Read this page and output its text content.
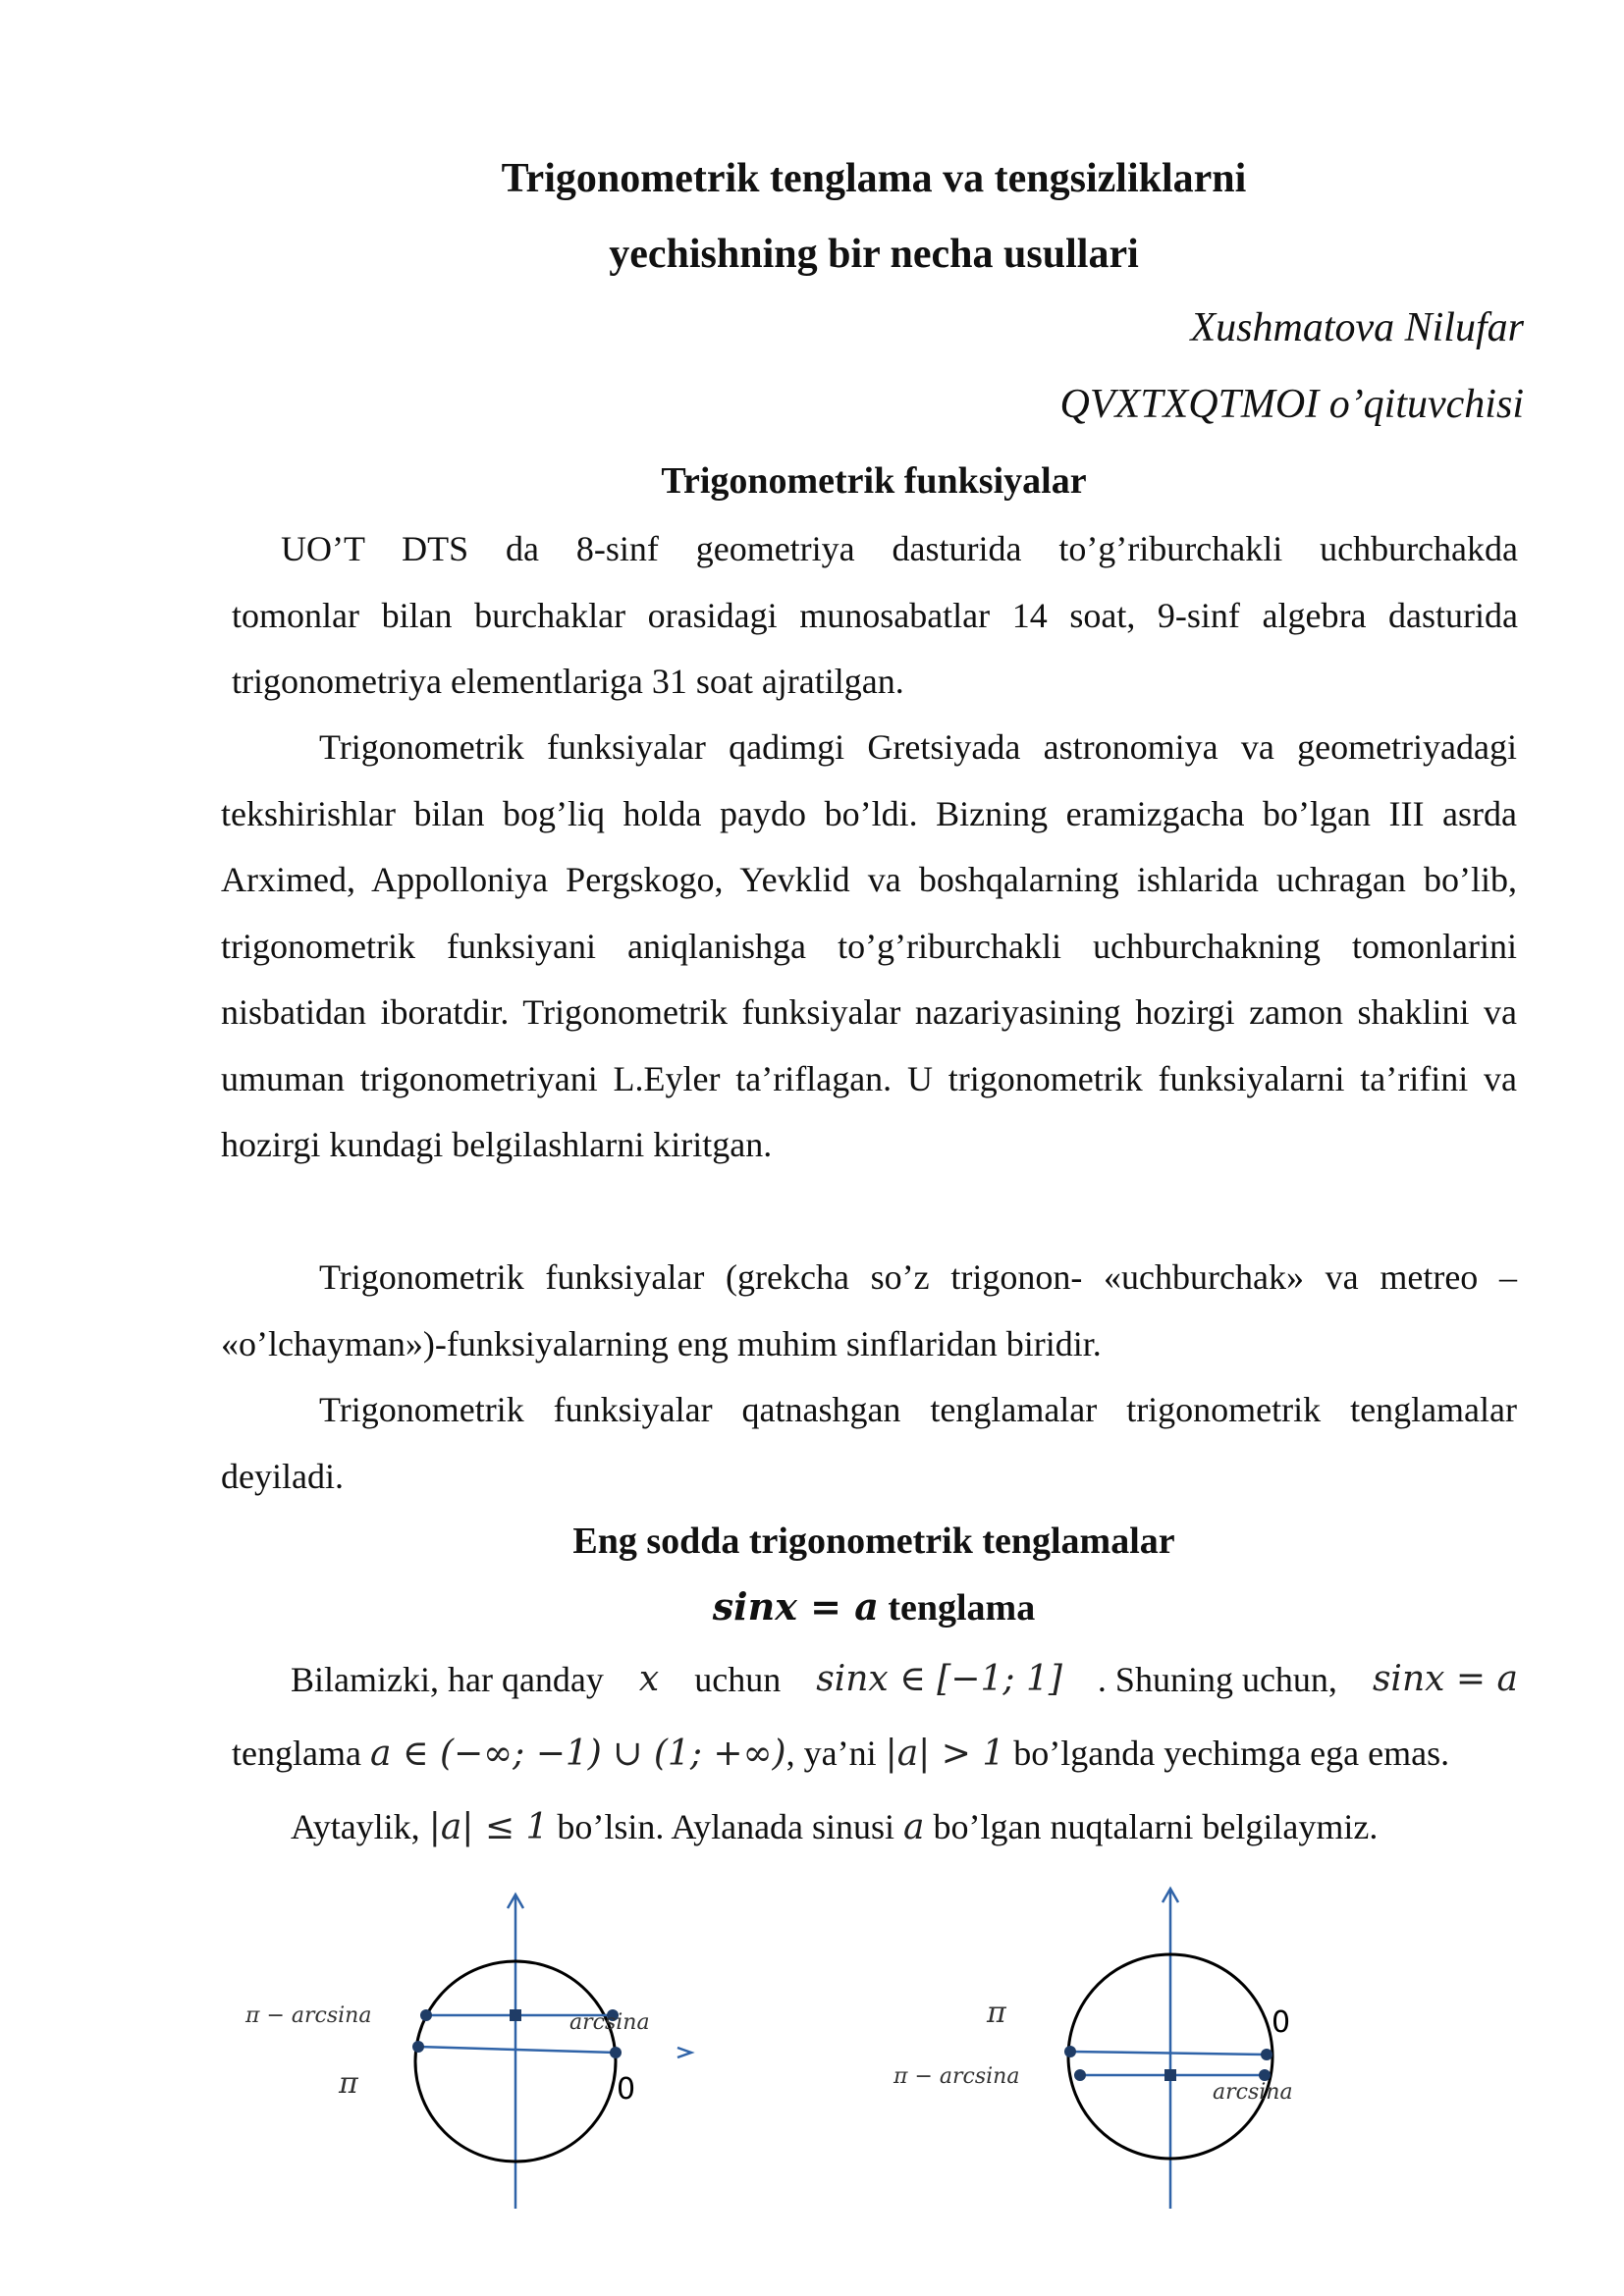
Trigonometrik tenglama va tengsizliklarni
yechishning bir necha usullari
Xushmatova Nilufar
QVXTXQTMOI o’qituvchisi
Trigonometrik funksiyalar
UO’T DTS da 8-sinf geometriya dasturida to’g’riburchakli uchburchakda
tomonlar bilan burchaklar orasidagi munosabatlar 14 soat, 9-sinf algebra dasturida
trigonometriya elementlariga 31 soat ajratilgan.
Trigonometrik funksiyalar qadimgi Gretsiyada astronomiya va geometriyadagi tekshirishlar bilan bog’liq holda paydo bo’ldi. Bizning eramizgacha bo’lgan III asrda Arximed, Appolloniya Pergskogo, Yevklid va boshqalarning ishlarida uchragan bo’lib, trigonometrik funksiyani aniqlanishga to’g’riburchakli uchburchakning tomonlarini nisbatidan iboratdir. Trigonometrik funksiyalar nazariyasining hozirgi zamon shaklini va umuman trigonometriyani L.Eyler ta’riflagan. U trigonometrik funksiyalarni ta’rifini va hozirgi kundagi belgilashlarni kiritgan.
Trigonometrik funksiyalar (grekcha so’z trigonon- «uchburchak» va metreo – «o’lchayman»)-funksiyalarning eng muhim sinflaridan biridir.
Trigonometrik funksiyalar qatnashgan tenglamalar trigonometrik tenglamalar deyiladi.
Eng sodda trigonometrik tenglamalar
sinx = a tenglama
Bilamizki, har qanday x uchun sinx ∈ [−1; 1] . Shuning uchun, sinx = a
tenglama a ∈ (−∞; −1) ∪ (1; +∞), ya’ni |a| > 1 bo’lganda yechimga ega emas.
Aytaylik, |a| ≤ 1 bo’lsin. Aylanada sinusi a bo’lgan nuqtalarni belgilaymiz.
π − arcsina	arcsina
π	0
π	0
π − arcsina
arcsina
